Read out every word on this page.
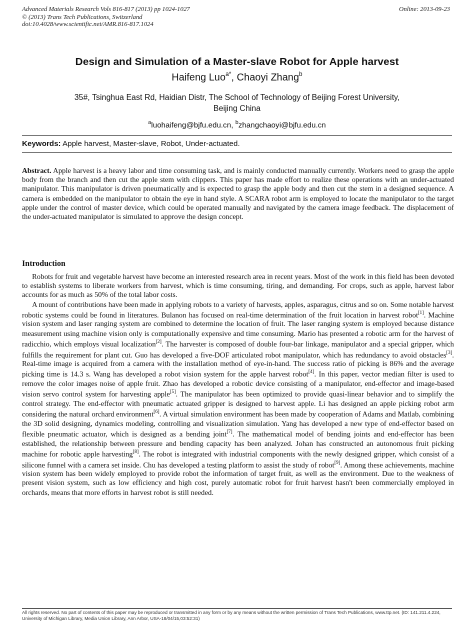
Advanced Materials Research Vols 816-817 (2013) pp 1024-1027
© (2013) Trans Tech Publications, Switzerland
doi:10.4028/www.scientific.net/AMR.816-817.1024
Online: 2013-09-23
Design and Simulation of a Master-slave Robot for Apple harvest
Haifeng Luo$^{a*}$, Chaoyi Zhang$^b$
35#, Tsinghua East Rd, Haidian Distr, The School of Technology of Beijing Forest University,
Beijing China
$^a$luohaifeng@bjfu.edu.cn, $^b$zhangchaoyi@bjfu.edu.cn
Keywords: Apple harvest, Master-slave, Robot, Under-actuated.

Abstract. Apple harvest is a heavy labor and time consuming task, and is mainly conducted manually currently. Workers need to grasp the apple body from the branch and then cut the apple stem with clippers. This paper has made effort to realize these operations with an under-actuated manipulator. This manipulator is driven pneumatically and is expected to grasp the apple body and then cut the stem in a designed sequence. A camera is embedded on the manipulator to obtain the eye in hand style. A SCARA robot arm is employed to locate the manipulator to the target apple under the control of master device, which could be operated manually and navigated by the camera image feedback. The displacement of the under-actuated manipulator is simulated to approve the design concept.

Introduction

Robots for fruit and vegetable harvest have become an interested research area in recent years. Most of the work in this field has been devoted to establish systems to liberate workers from harvest, which is time consuming, tiring, and demanding. For crops, such as apple, harvest labor accounts for as much as 50% of the total labor costs.

A mount of contributions have been made in applying robots to a variety of harvests, apples, asparagus, citrus and so on. Some notable harvest robotic systems could be found in literatures. Bulanon has focused on real-time determination of the fruit location in harvest robot[1]. Machine vision system and laser ranging system are combined to determine the location of fruit. The laser ranging system is employed because distance measurement using machine vision only is computationally expensive and time consuming. Mario has presented a robotic arm for the harvest of radicchio, which employs visual localization[2]. The harvester is composed of double four-bar linkage, manipulator and a special gripper, which fulfills the requirement for plant cut. Guo has developed a five-DOF articulated robot manipulator, which has redundancy to avoid obstacles[3]. Real-time image is acquired from a camera with the installation method of eye-in-hand. The success ratio of picking is 86% and the average picking time is 14.3 s. Wang has developed a robot vision system for the apple harvest robot[4]. In this paper, vector median filter is used to remove the color images noise of apple fruit. Zhao has developed a robotic device consisting of a manipulator, end-effector and image-based vision servo control system for harvesting apple[5]. The manipulator has been optimized to provide quasi-linear behavior and to simplify the control strategy. The end-effector with pneumatic actuated gripper is designed to harvest apple. Li has designed an apple picking robot arm considering the natural orchard environment[6]. A virtual simulation environment has been made by cooperation of Adams and Matlab, combining the 3D solid designing, dynamics modeling, controlling and visualization simulation. Yang has developed a new type of end-effector based on flexible pneumatic actuator, which is designed as a bending joint[7]. The mathematical model of bending joints and end-effector has been established, the relationship between pressure and bending capacity has been analyzed. Johan has constructed an autonomous fruit picking machine for robotic apple harvesting[8]. The robot is integrated with industrial components with the newly designed gripper, which consist of a silicone funnel with a camera set inside. Chu has developed a testing platform to assist the study of robot[9]. Among these achievements, machine vision system has been widely employed to provide robot the information of target fruit, as well as the environment. Due to the weakness of present vision system, such as low efficiency and high cost, purely automatic robot for fruit harvest hasn't been commercially employed in orchards, means that more efforts in harvest robot is still needed.

All rights reserved. No part of contents of this paper may be reproduced or transmitted in any form or by any means without the written permission of Trans Tech Publications, www.ttp.net. (ID: 141.211.4.224, University of Michigan Library, Media Union Library, Ann Arbor, USA-18/04/15,03:52:31)
